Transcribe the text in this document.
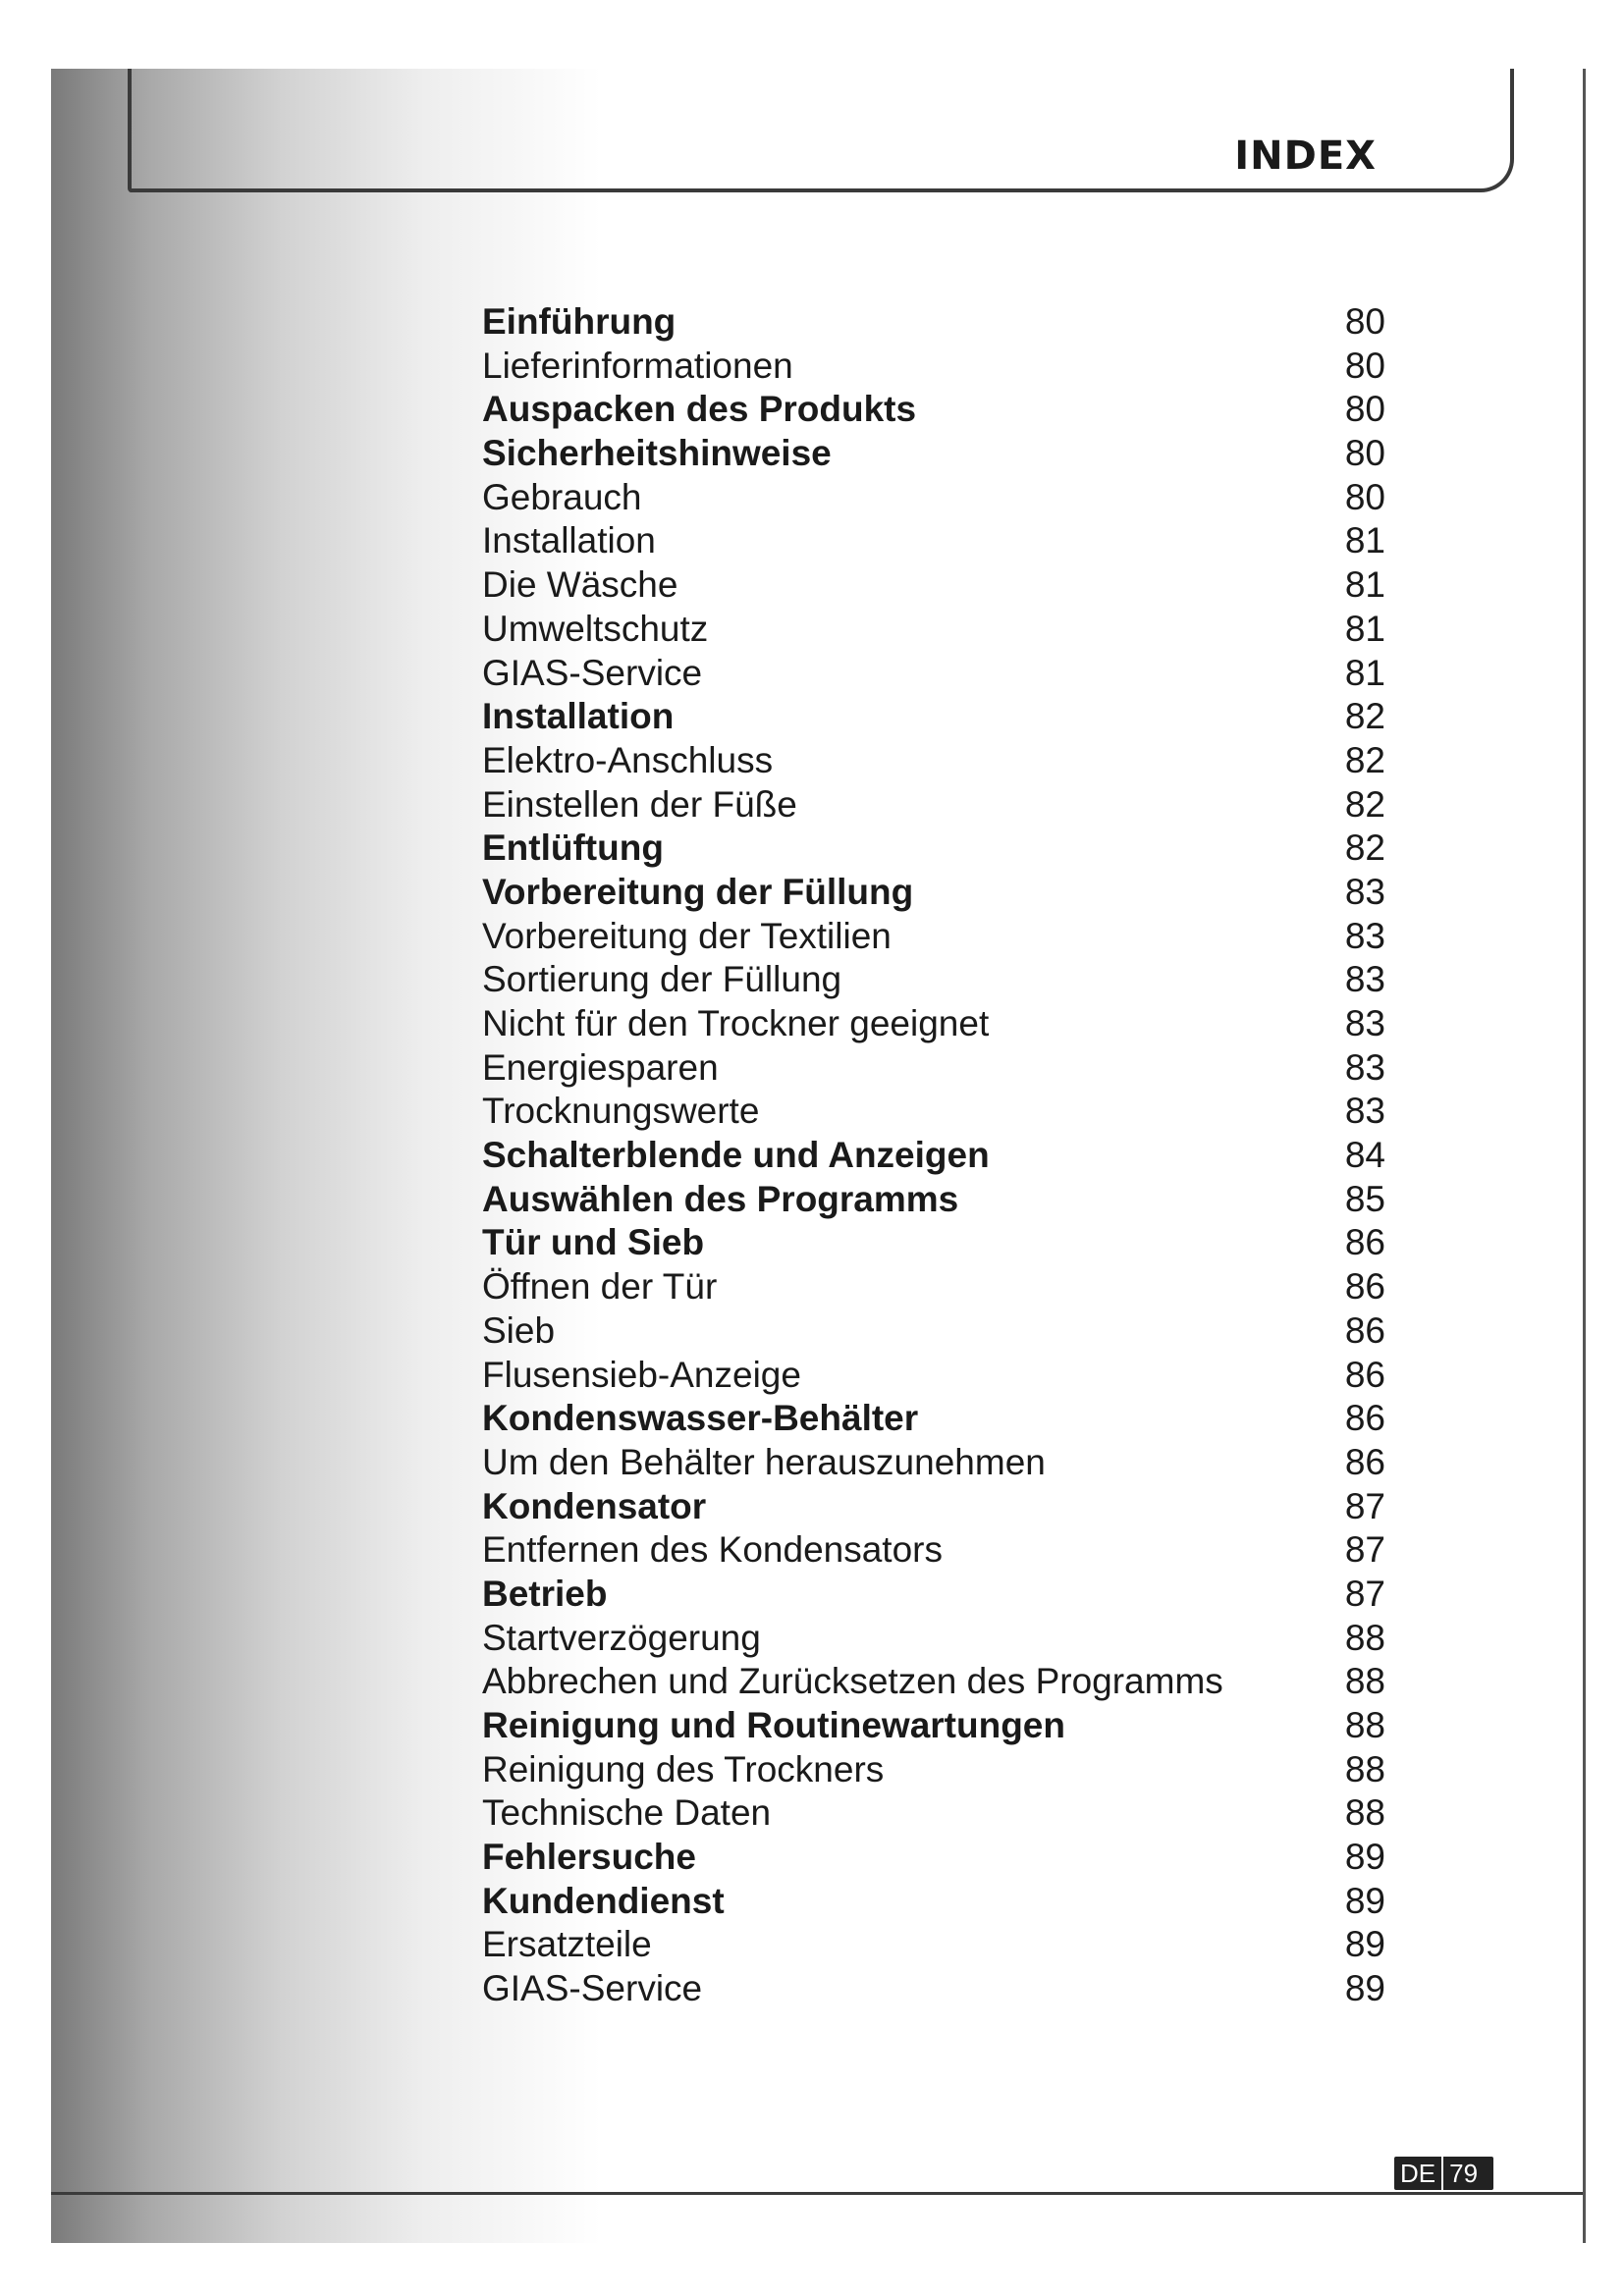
INDEX
Einführung	80
Lieferinformationen	80
Auspacken des Produkts	80
Sicherheitshinweise	80
Gebrauch	80
Installation	81
Die Wäsche	81
Umweltschutz	81
GIAS-Service	81
Installation	82
Elektro-Anschluss	82
Einstellen der Füße	82
Entlüftung	82
Vorbereitung der Füllung	83
Vorbereitung der Textilien	83
Sortierung der Füllung	83
Nicht für den Trockner geeignet	83
Energiesparen	83
Trocknungswerte	83
Schalterblende und Anzeigen	84
Auswählen des Programms	85
Tür und Sieb	86
Öffnen der Tür	86
Sieb	86
Flusensieb-Anzeige	86
Kondenswasser-Behälter	86
Um den Behälter herauszunehmen	86
Kondensator	87
Entfernen des Kondensators	87
Betrieb	87
Startverzögerung	88
Abbrechen und Zurücksetzen des Programms	88
Reinigung und Routinewartungen	88
Reinigung des Trockners	88
Technische Daten	88
Fehlersuche	89
Kundendienst	89
Ersatzteile	89
GIAS-Service	89
DE 79
